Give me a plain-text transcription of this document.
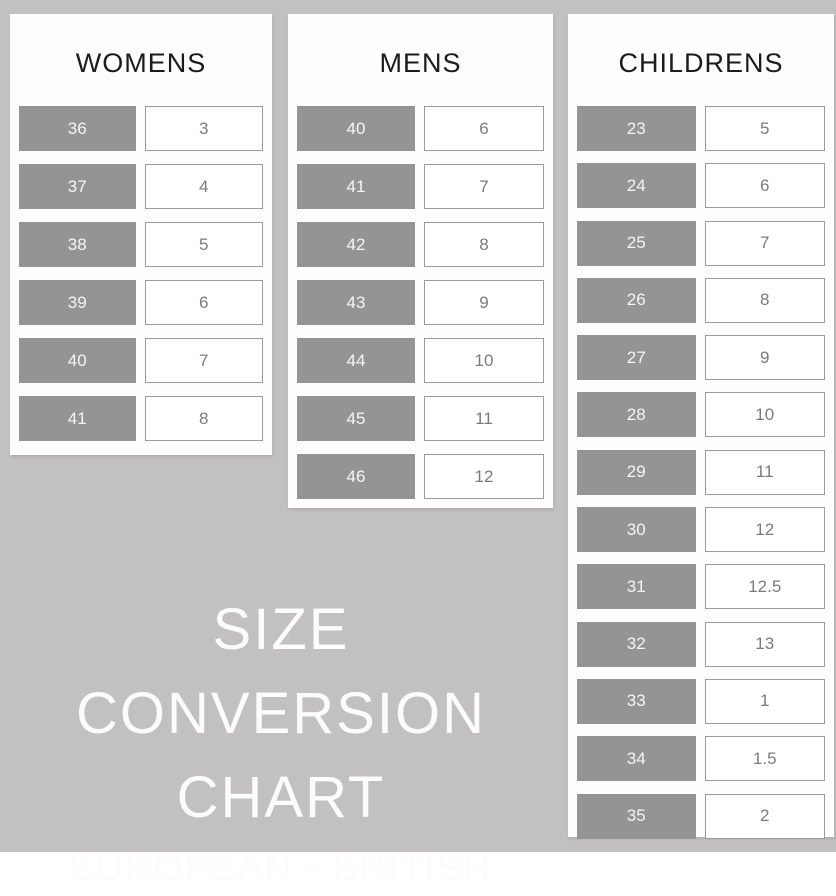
WOMENS
36	3
37	4
38	5
39	6
40	7
41	8
MENS
40	6
41	7
42	8
43	9
44	10
45	11
46	12
CHILDRENS
23	5
24	6
25	7
26	8
27	9
28	10
29	11
30	12
31	12.5
32	13
33	1
34	1.5
35	2
SIZE CONVERSION
CHART
EUROPEAN - BRITISH
